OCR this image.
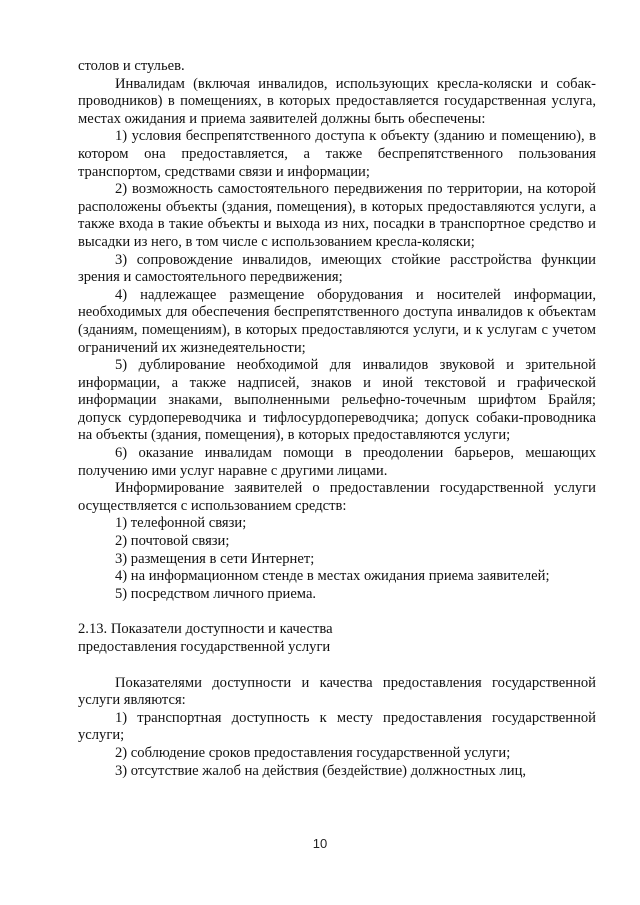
столов и стульев.

Инвалидам (включая инвалидов, использующих кресла-коляски и собак-проводников) в помещениях, в которых предоставляется государственная услуга, местах ожидания и приема заявителей должны быть обеспечены:

1) условия беспрепятственного доступа к объекту (зданию и помещению), в котором она предоставляется, а также беспрепятственного пользования транспортом, средствами связи и информации;

2) возможность самостоятельного передвижения по территории, на которой расположены объекты (здания, помещения), в которых предоставляются услуги, а также входа в такие объекты и выхода из них, посадки в транспортное средство и высадки из него, в том числе с использованием кресла-коляски;

3) сопровождение инвалидов, имеющих стойкие расстройства функции зрения и самостоятельного передвижения;

4) надлежащее размещение оборудования и носителей информации, необходимых для обеспечения беспрепятственного доступа инвалидов к объектам (зданиям, помещениям), в которых предоставляются услуги, и к услугам с учетом ограничений их жизнедеятельности;

5) дублирование необходимой для инвалидов звуковой и зрительной информации, а также надписей, знаков и иной текстовой и графической информации знаками, выполненными рельефно-точечным шрифтом Брайля; допуск сурдопереводчика и тифлосурдопереводчика; допуск собаки-проводника на объекты (здания, помещения), в которых предоставляются услуги;

6) оказание инвалидам помощи в преодолении барьеров, мешающих получению ими услуг наравне с другими лицами.

Информирование заявителей о предоставлении государственной услуги осуществляется с использованием средств:

1) телефонной связи;

2) почтовой связи;

3) размещения в сети Интернет;

4) на информационном стенде в местах ожидания приема заявителей;

5) посредством личного приема.

2.13. Показатели доступности и качества

предоставления государственной услуги

Показателями доступности и качества предоставления государственной услуги являются:

1) транспортная доступность к месту предоставления государственной услуги;

2) соблюдение сроков предоставления государственной услуги;

3) отсутствие жалоб на действия (бездействие) должностных лиц,

10
